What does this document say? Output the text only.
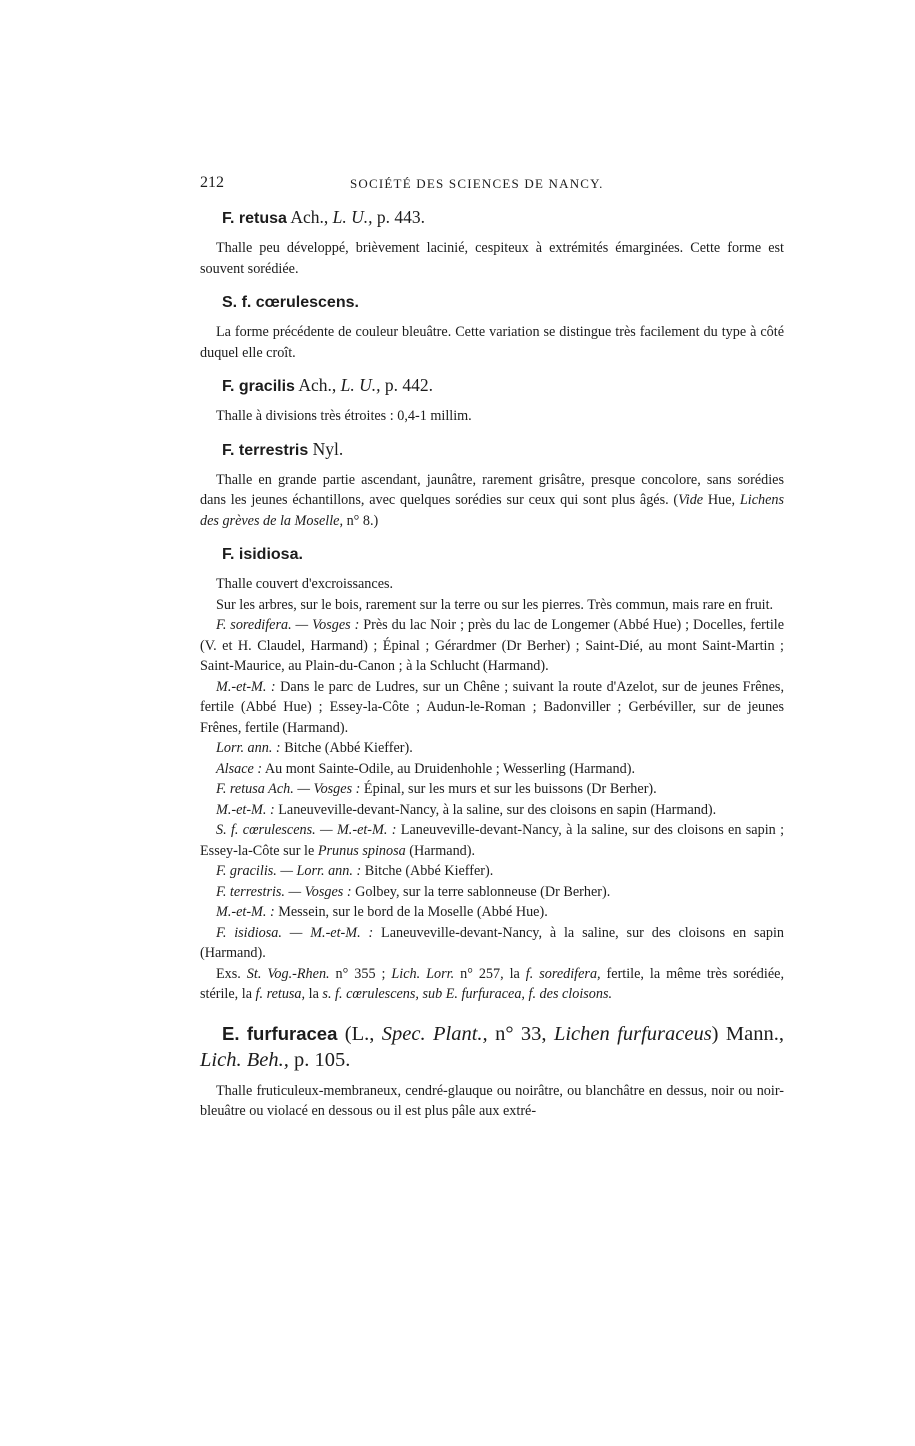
212	SOCIÉTÉ DES SCIENCES DE NANCY.
F. retusa Ach., L. U., p. 443.

Thalle peu développé, brièvement lacinié, cespiteux à extrémités émarginées. Cette forme est souvent sorédiée.

S. f. cœrulescens.

La forme précédente de couleur bleuâtre. Cette variation se distingue très facilement du type à côté duquel elle croît.

F. gracilis Ach., L. U., p. 442.

Thalle à divisions très étroites : 0,4-1 millim.

F. terrestris Nyl.

Thalle en grande partie ascendant, jaunâtre, rarement grisâtre, presque concolore, sans sorédies dans les jeunes échantillons, avec quelques sorédies sur ceux qui sont plus âgés. (Vide Hue, Lichens des grèves de la Moselle, n° 8.)

F. isidiosa.

Thalle couvert d'excroissances.

Sur les arbres, sur le bois, rarement sur la terre ou sur les pierres. Très commun, mais rare en fruit.

F. soredifera. — Vosges : Près du lac Noir ; près du lac de Longemer (Abbé Hue) ; Docelles, fertile (V. et H. Claudel, Harmand) ; Épinal ; Gérardmer (Dr Berher) ; Saint-Dié, au mont Saint-Martin ; Saint-Maurice, au Plain-du-Canon ; à la Schlucht (Harmand).

M.-et-M. : Dans le parc de Ludres, sur un Chêne ; suivant la route d'Azelot, sur de jeunes Frênes, fertile (Abbé Hue) ; Essey-la-Côte ; Audun-le-Roman ; Badonviller ; Gerbéviller, sur de jeunes Frênes, fertile (Harmand).

Lorr. ann. : Bitche (Abbé Kieffer).

Alsace : Au mont Sainte-Odile, au Druidenhohle ; Wesserling (Harmand).

F. retusa Ach. — Vosges : Épinal, sur les murs et sur les buissons (Dr Berher).

M.-et-M. : Laneuveville-devant-Nancy, à la saline, sur des cloisons en sapin (Harmand).

S. f. cœrulescens. — M.-et-M. : Laneuveville-devant-Nancy, à la saline, sur des cloisons en sapin ; Essey-la-Côte sur le Prunus spinosa (Harmand).

F. gracilis. — Lorr. ann. : Bitche (Abbé Kieffer).

F. terrestris. — Vosges : Golbey, sur la terre sablonneuse (Dr Berher).

M.-et-M. : Messein, sur le bord de la Moselle (Abbé Hue).

F. isidiosa. — M.-et-M. : Laneuveville-devant-Nancy, à la saline, sur des cloisons en sapin (Harmand).

Exs. St. Vog.-Rhen. n° 355 ; Lich. Lorr. n° 257, la f. soredifera, fertile, la même très sorédiée, stérile, la f. retusa, la s. f. cœrulescens, sub E. furfuracea, f. des cloisons.

E. furfuracea (L., Spec. Plant., n° 33, Lichen furfuraceus) Mann., Lich. Beh., p. 105.

Thalle fruticuleux-membraneux, cendré-glauque ou noirâtre, ou blanchâtre en dessus, noir ou noir-bleuâtre ou violacé en dessous ou il est plus pâle aux extré-
